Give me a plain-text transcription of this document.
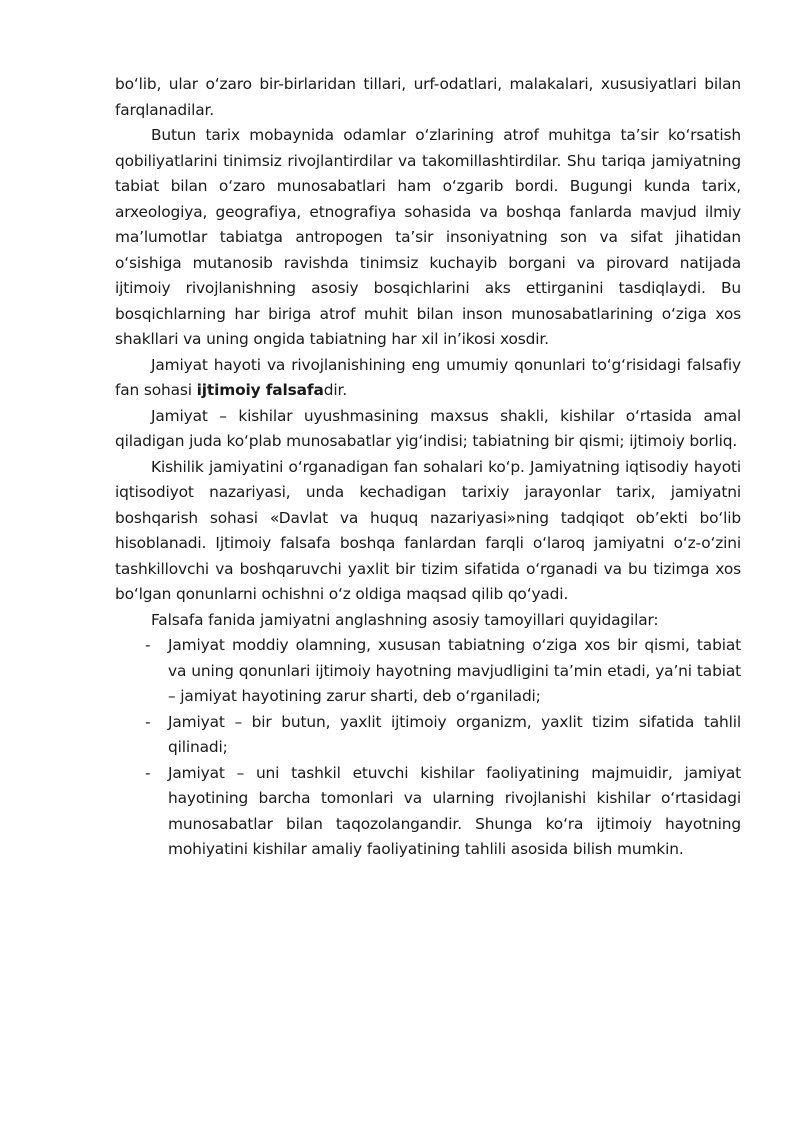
bo‘lib, ular o‘zaro bir-birlaridan tillari, urf-odatlari, malakalari, xususiyatlari bilan farqlanadilar.

Butun tarix mobaynida odamlar o‘zlarining atrof muhitga ta’sir ko‘rsatish qobiliyatlarini tinimsiz rivojlantirdilar va takomillashtirdilar. Shu tariqa jamiyatning tabiat bilan o‘zaro munosabatlari ham o‘zgarib bordi. Bugungi kunda tarix, arxeologiya, geografiya, etnografiya sohasida va boshqa fanlarda mavjud ilmiy ma’lumotlar tabiatga antropogen ta’sir insoniyatning son va sifat jihatidan o‘sishiga mutanosib ravishda tinimsiz kuchayib borgani va pirovard natijada ijtimoiy rivojlanishning asosiy bosqichlarini aks ettirganini tasdiqlaydi. Bu bosqichlarning har biriga atrof muhit bilan inson munosabatlarining o‘ziga xos shakllari va uning ongida tabiatning har xil in’ikosi xosdir.

Jamiyat hayoti va rivojlanishining eng umumiy qonunlari to‘g‘risidagi falsafiy fan sohasi ijtimoiy falsafadir.

Jamiyat – kishilar uyushmasining maxsus shakli, kishilar o‘rtasida amal qiladigan juda ko‘plab munosabatlar yig‘indisi; tabiatning bir qismi; ijtimoiy borliq.

Kishilik jamiyatini o‘rganadigan fan sohalari ko‘p. Jamiyatning iqtisodiy hayoti iqtisodiyot nazariyasi, unda kechadigan tarixiy jarayonlar tarix, jamiyatni boshqarish sohasi «Davlat va huquq nazariyasi»ning tadqiqot ob’ekti bo‘lib hisoblanadi. Ijtimoiy falsafa boshqa fanlardan farqli o‘laroq jamiyatni o‘z-o‘zini tashkillovchi va boshqaruvchi yaxlit bir tizim sifatida o‘rganadi va bu tizimga xos bo‘lgan qonunlarni ochishni o‘z oldiga maqsad qilib qo‘yadi.

Falsafa fanida jamiyatni anglashning asosiy tamoyillari quyidagilar:

- Jamiyat moddiy olamning, xususan tabiatning o‘ziga xos bir qismi, tabiat va uning qonunlari ijtimoiy hayotning mavjudligini ta’min etadi, ya’ni tabiat – jamiyat hayotining zarur sharti, deb o‘rganiladi;
- Jamiyat – bir butun, yaxlit ijtimoiy organizm, yaxlit tizim sifatida tahlil qilinadi;
- Jamiyat – uni tashkil etuvchi kishilar faoliyatining majmuidir, jamiyat hayotining barcha tomonlari va ularning rivojlanishi kishilar o‘rtasidagi munosabatlar bilan taqozolangandir. Shunga ko‘ra ijtimoiy hayotning mohiyatini kishilar amaliy faoliyatining tahlili asosida bilish mumkin.
